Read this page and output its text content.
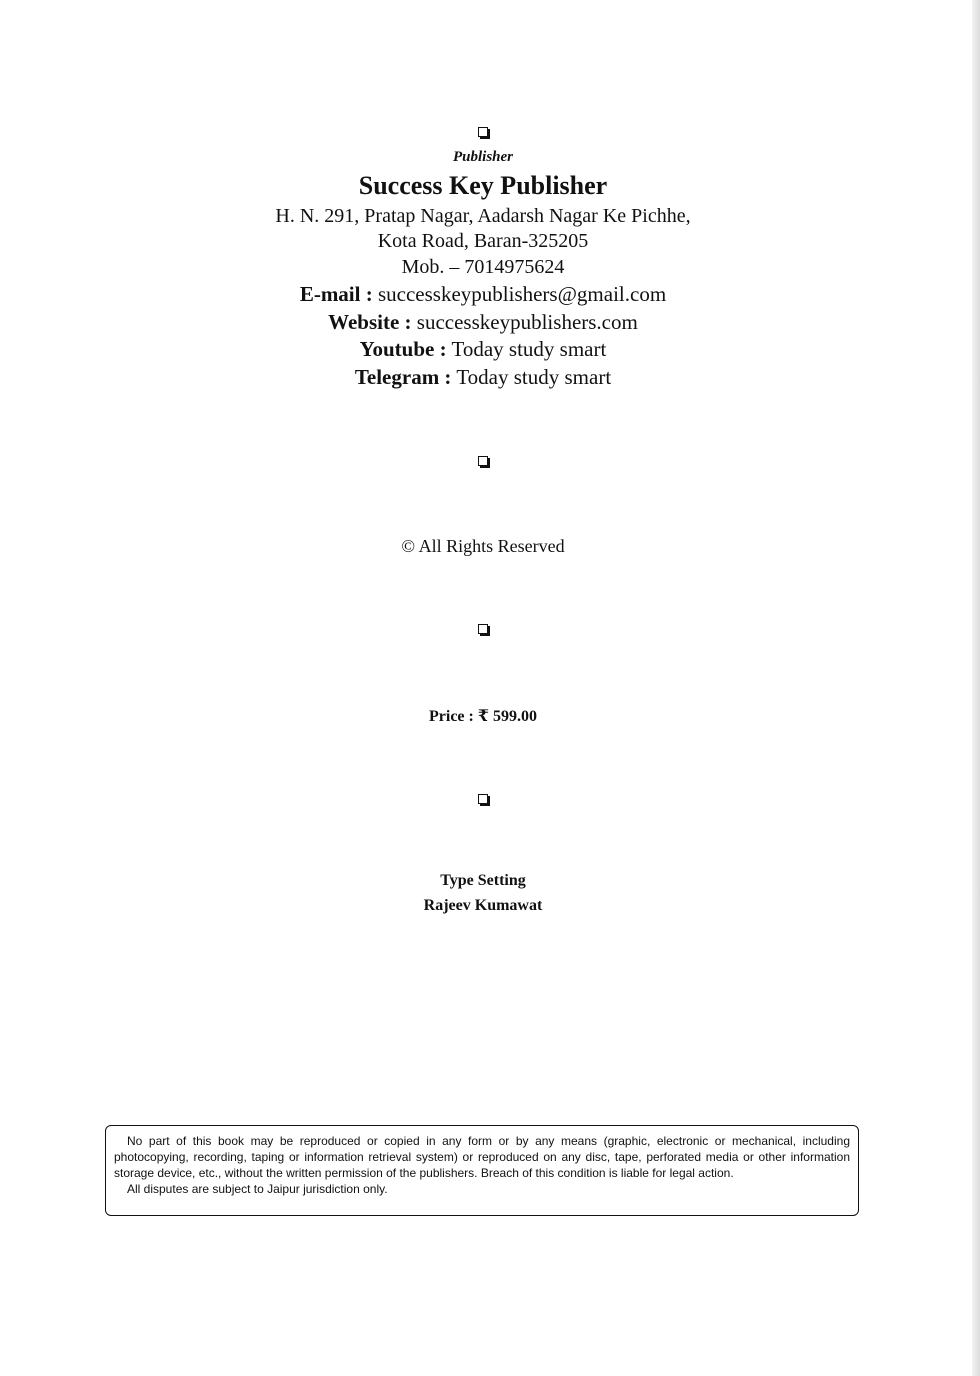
Publisher
Success Key Publisher
H. N. 291, Pratap Nagar, Aadarsh Nagar Ke Pichhe,
Kota Road, Baran-325205
Mob. – 7014975624
E-mail : successkeypublishers@gmail.com
Website : successkeypublishers.com
Youtube : Today study smart
Telegram : Today study smart
© All Rights Reserved
Price : ₹ 599.00
Type Setting
Rajeev Kumawat

No part of this book may be reproduced or copied in any form or by any means (graphic, electronic or mechanical, including photocopying, recording, taping or information retrieval system) or reproduced on any disc, tape, perforated media or other information storage device, etc., without the written permission of the publishers. Breach of this condition is liable for legal action.

All disputes are subject to Jaipur jurisdiction only.
